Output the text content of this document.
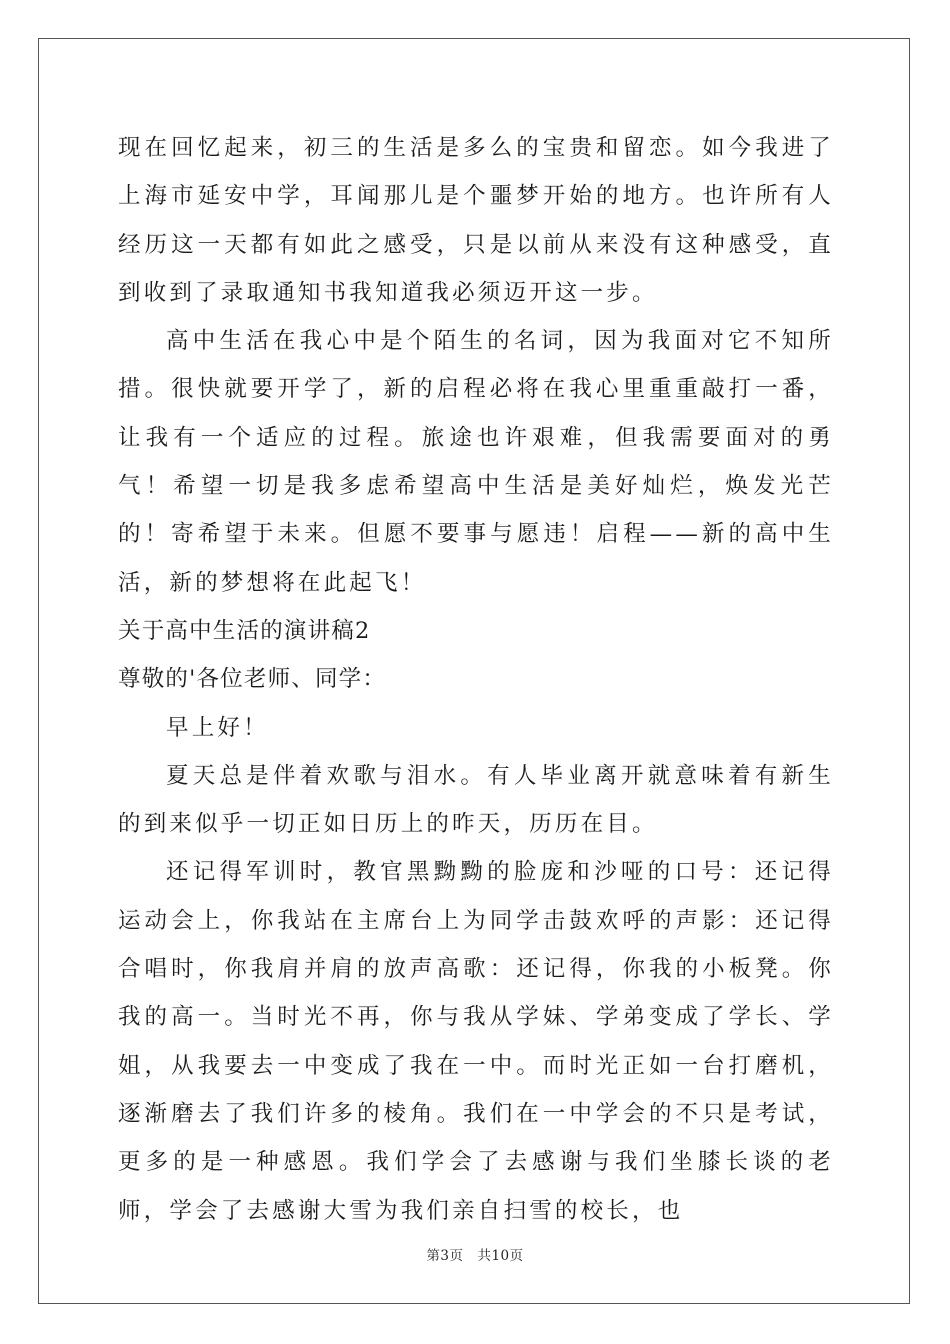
现在回忆起来，初三的生活是多么的宝贵和留恋。如今我进了上海市延安中学，耳闻那儿是个噩梦开始的地方。也许所有人经历这一天都有如此之感受，只是以前从来没有这种感受，直到收到了录取通知书我知道我必须迈开这一步。

高中生活在我心中是个陌生的名词，因为我面对它不知所措。很快就要开学了，新的启程必将在我心里重重敲打一番，让我有一个适应的过程。旅途也许艰难，但我需要面对的勇气！希望一切是我多虑希望高中生活是美好灿烂，焕发光芒的！寄希望于未来。但愿不要事与愿违！启程——新的高中生活，新的梦想将在此起飞！

关于高中生活的演讲稿2

尊敬的'各位老师、同学：

早上好！

夏天总是伴着欢歌与泪水。有人毕业离开就意味着有新生的到来似乎一切正如日历上的昨天，历历在目。

还记得军训时，教官黑黝黝的脸庞和沙哑的口号：还记得运动会上，你我站在主席台上为同学击鼓欢呼的声影：还记得合唱时，你我肩并肩的放声高歌：还记得，你我的小板凳。你我的高一。当时光不再，你与我从学妹、学弟变成了学长、学姐，从我要去一中变成了我在一中。而时光正如一台打磨机，逐渐磨去了我们许多的棱角。我们在一中学会的不只是考试，更多的是一种感恩。我们学会了去感谢与我们坐膝长谈的老师，学会了去感谢大雪为我们亲自扫雪的校长，也

第3页 共10页
